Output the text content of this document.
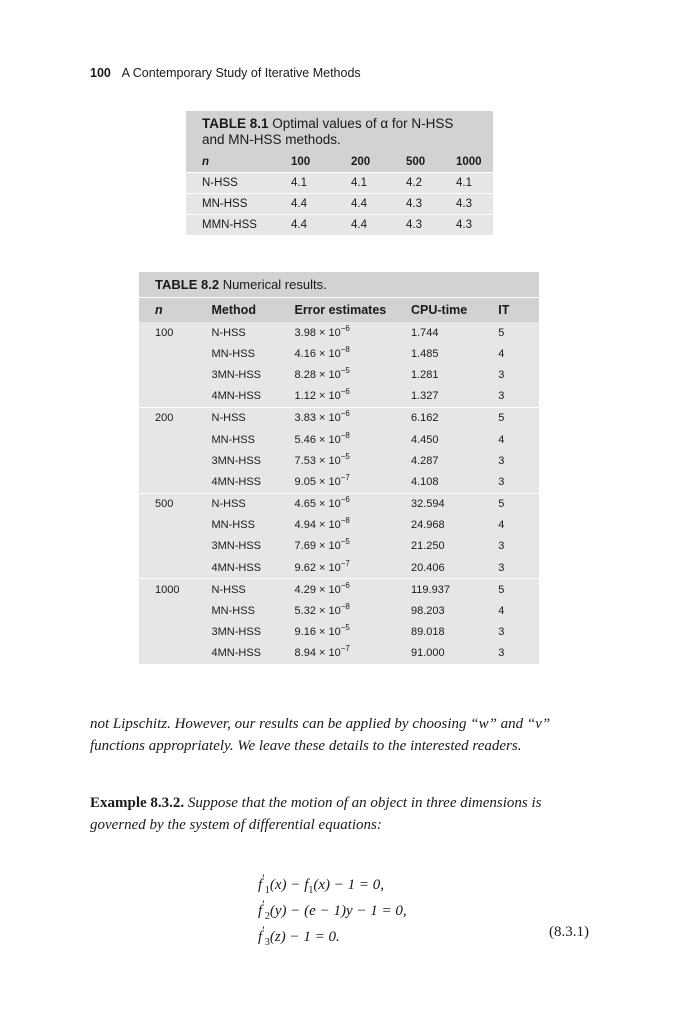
100 A Contemporary Study of Iterative Methods
TABLE 8.1 Optimal values of α for N-HSS and MN-HSS methods.
n	100	200	500	1000
N-HSS	4.1	4.1	4.2	4.1
MN-HSS	4.4	4.4	4.3	4.3
MMN-HSS	4.4	4.4	4.3	4.3
TABLE 8.2 Numerical results.
n	Method	Error estimates	CPU-time	IT
100	N-HSS	$3.98 \times 10^{-6}$	1.744	5
	MN-HSS	$4.16 \times 10^{-8}$	1.485	4
	3MN-HSS	$8.28 \times 10^{-5}$	1.281	3
	4MN-HSS	$1.12 \times 10^{-6}$	1.327	3
200	N-HSS	$3.83 \times 10^{-6}$	6.162	5
	MN-HSS	$5.46 \times 10^{-8}$	4.450	4
	3MN-HSS	$7.53 \times 10^{-5}$	4.287	3
	4MN-HSS	$9.05 \times 10^{-7}$	4.108	3
500	N-HSS	$4.65 \times 10^{-6}$	32.594	5
	MN-HSS	$4.94 \times 10^{-8}$	24.968	4
	3MN-HSS	$7.69 \times 10^{-5}$	21.250	3
	4MN-HSS	$9.62 \times 10^{-7}$	20.406	3
1000	N-HSS	$4.29 \times 10^{-6}$	119.937	5
	MN-HSS	$5.32 \times 10^{-8}$	98.203	4
	3MN-HSS	$9.16 \times 10^{-5}$	89.018	3
	4MN-HSS	$8.94 \times 10^{-7}$	91.000	3
not Lipschitz. However, our results can be applied by choosing “w” and “v” functions appropriately. We leave these details to the interested readers.
Example 8.3.2. Suppose that the motion of an object in three dimensions is governed by the system of differential equations:
$f'_1(x) - f_1(x) - 1 = 0$,
$f'_2(y) - (e - 1)y - 1 = 0$,
$f'_3(z) - 1 = 0$.	(8.3.1)
